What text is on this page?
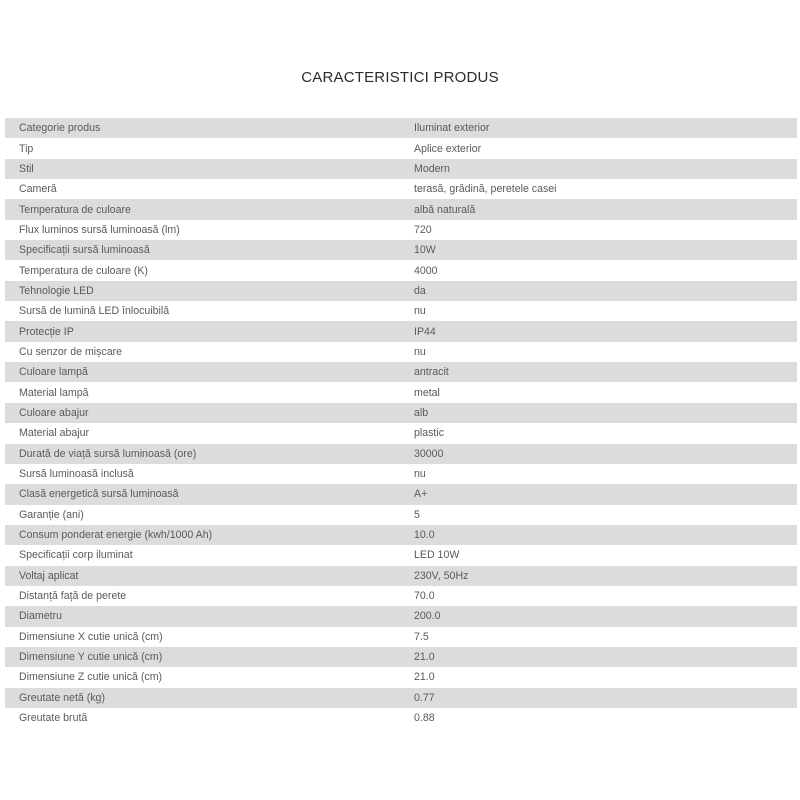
CARACTERISTICI PRODUS
Categorie produs	Iluminat exterior
Tip	Aplice exterior
Stil	Modern
Cameră	terasă, grădină, peretele casei
Temperatura de culoare	albă naturală
Flux luminos sursă luminoasă (lm)	720
Specificații sursă luminoasă	10W
Temperatura de culoare (K)	4000
Tehnologie LED	da
Sursă de lumină LED înlocuibilă	nu
Protecție IP	IP44
Cu senzor de mișcare	nu
Culoare lampă	antracit
Material lampă	metal
Culoare abajur	alb
Material abajur	plastic
Durată de viață sursă luminoasă (ore)	30000
Sursă luminoasă inclusă	nu
Clasă energetică sursă luminoasă	A+
Garanție (ani)	5
Consum ponderat energie (kwh/1000 Ah)	10.0
Specificații corp iluminat	LED 10W
Voltaj aplicat	230V, 50Hz
Distanță față de perete	70.0
Diametru	200.0
Dimensiune X cutie unică (cm)	7.5
Dimensiune Y cutie unică (cm)	21.0
Dimensiune Z cutie unică (cm)	21.0
Greutate netă (kg)	0.77
Greutate brută	0.88
